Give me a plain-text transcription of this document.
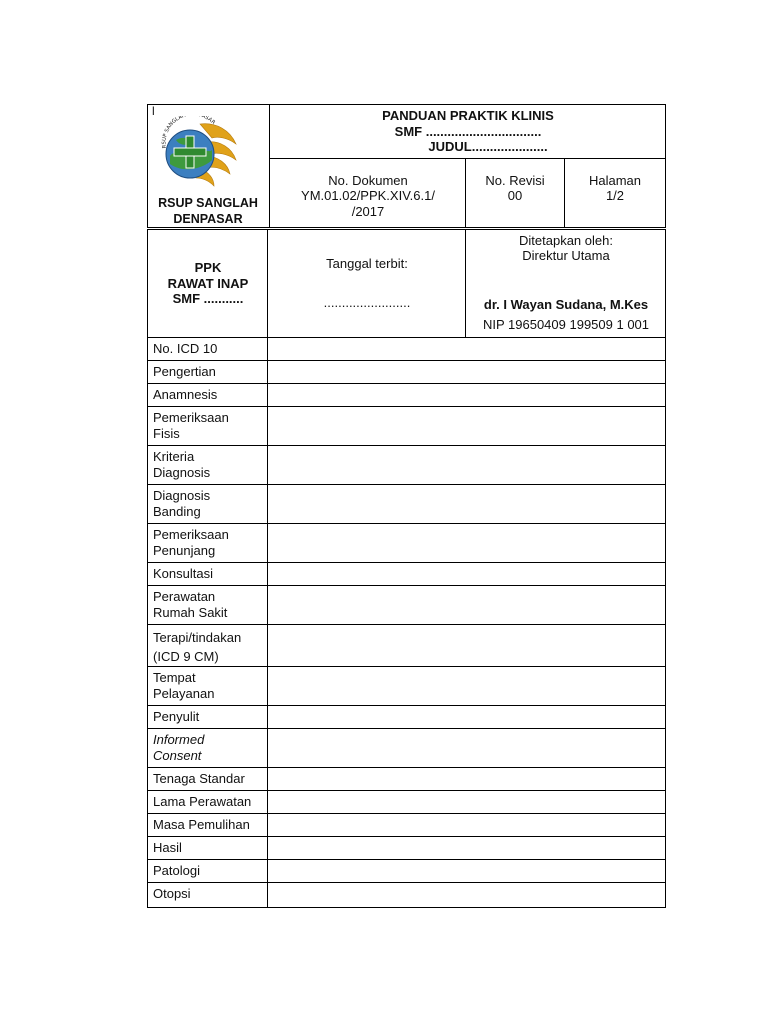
l
RSUP SANGLAH ASAR
RSUP SANGLAH
DENPASAR
PANDUAN PRAKTIK KLINIS
SMF ................................
JUDUL.....................
No. Dokumen
YM.01.02/PPK.XIV.6.1/
/2017
No. Revisi
00
Halaman
1/2
PPK
RAWAT INAP
SMF ...........
Tanggal terbit:
........................
Ditetapkan oleh:
Direktur Utama
dr. I Wayan Sudana, M.Kes
NIP 19650409 199509 1 001
No. ICD 10
Pengertian
Anamnesis
Pemeriksaan
Fisis
Kriteria
Diagnosis
Diagnosis
Banding
Pemeriksaan
Penunjang
Konsultasi
Perawatan
Rumah Sakit
Terapi/tindakan
(ICD 9 CM)
Tempat
Pelayanan
Penyulit
Informed
Consent
Tenaga Standar
Lama Perawatan
Masa Pemulihan
Hasil
Patologi
Otopsi
